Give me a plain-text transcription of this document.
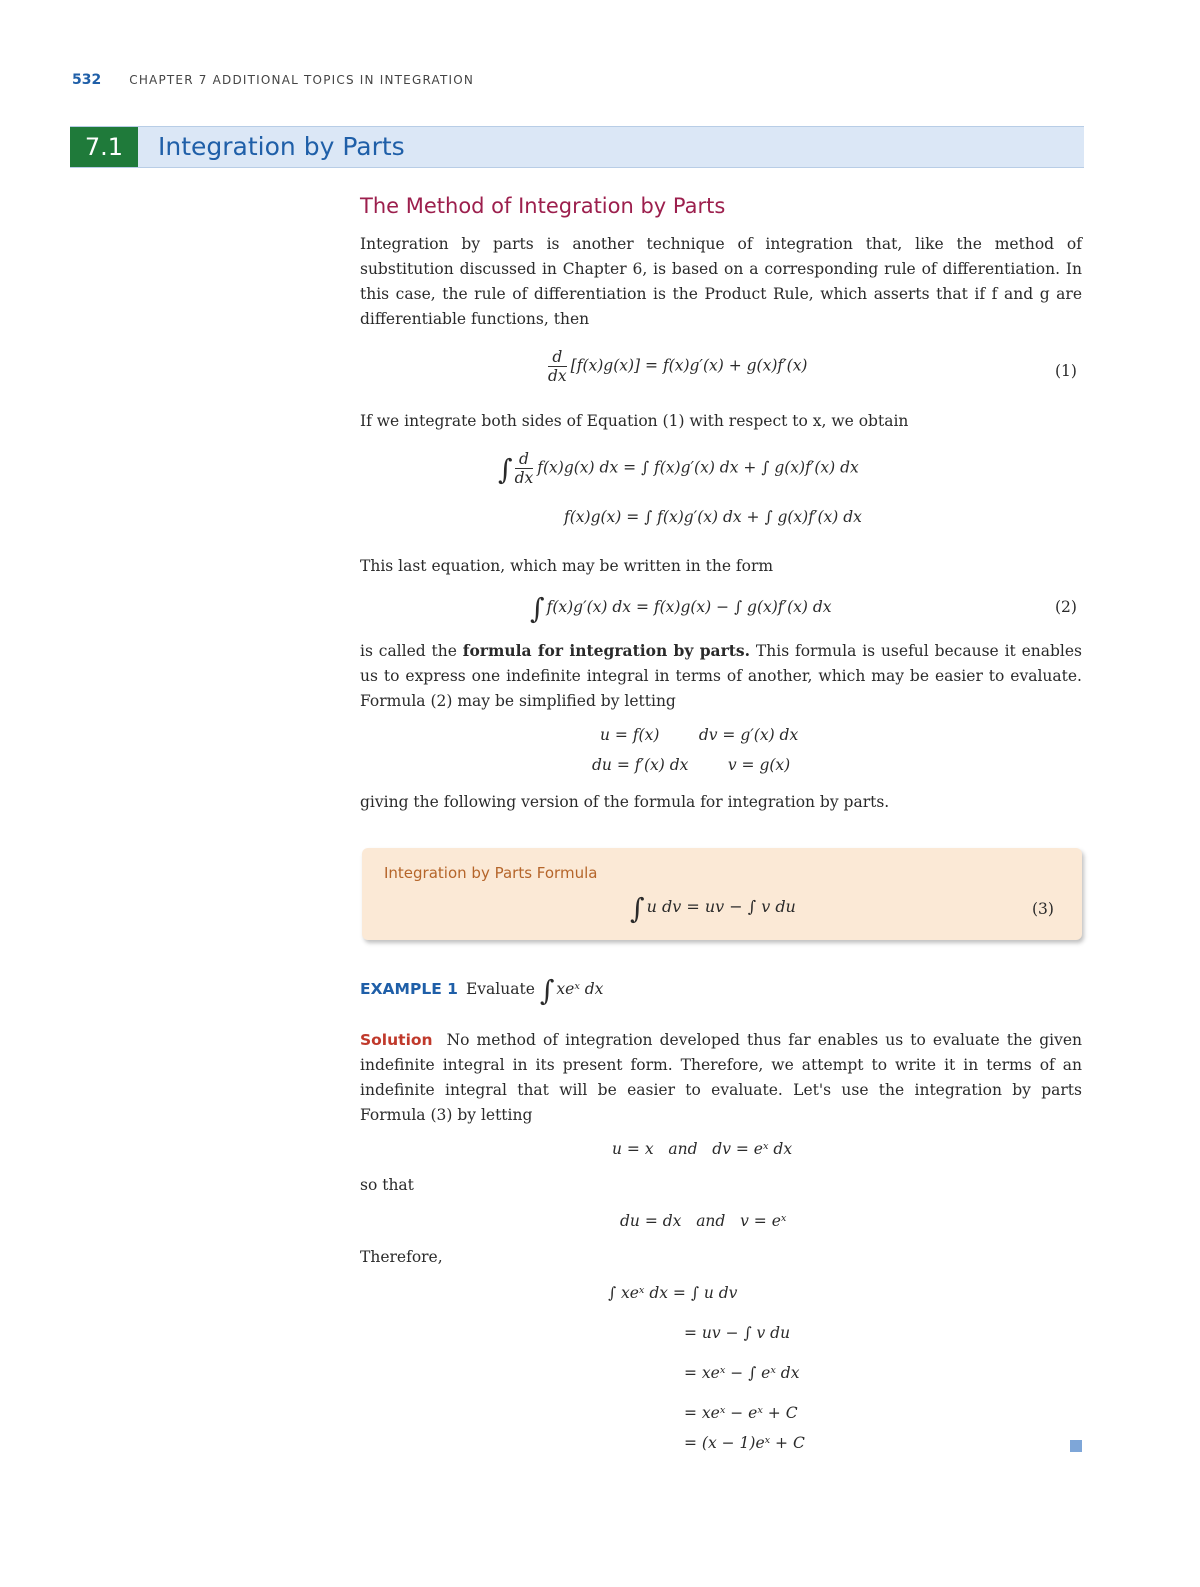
532 CHAPTER 7 ADDITIONAL TOPICS IN INTEGRATION
7.1	Integration by Parts
The Method of Integration by Parts

Integration by parts is another technique of integration that, like the method of substitution discussed in Chapter 6, is based on a corresponding rule of differentiation. In this case, the rule of differentiation is the Product Rule, which asserts that if f and g are differentiable functions, then

$\frac{d}{dx} [f(x)g(x)] = f(x)g'(x) + g(x)f'(x)$	(1)

If we integrate both sides of Equation (1) with respect to x, we obtain

∫ $\frac{d}{dx} f(x)g(x)$ dx = ∫ f(x)g′(x) dx + ∫ g(x)f′(x) dx
f(x)g(x) = ∫ f(x)g′(x) dx + ∫ g(x)f′(x) dx

This last equation, which may be written in the form

∫ f(x)g′(x) dx = f(x)g(x) − ∫ g(x)f′(x) dx	(2)

is called the formula for integration by parts. This formula is useful because it enables us to express one indefinite integral in terms of another, which may be easier to evaluate. Formula (2) may be simplified by letting

u = f(x)        dv = g′(x) dx
du = f′(x) dx        v = g(x)

giving the following version of the formula for integration by parts.

Integration by Parts Formula
∫ u dv = uv − ∫ v du	(3)
EXAMPLE 1 Evaluate ∫ xeˣ dx

Solution No method of integration developed thus far enables us to evaluate the given indefinite integral in its present form. Therefore, we attempt to write it in terms of an indefinite integral that will be easier to evaluate. Let's use the integration by parts Formula (3) by letting

u = x   and   dv = eˣ dx
so that
du = dx   and   v = eˣ
Therefore,
∫ xeˣ dx = ∫ u dv
= uv − ∫ v du
= xeˣ − ∫ eˣ dx
= xeˣ − eˣ + C
= (x − 1)eˣ + C
